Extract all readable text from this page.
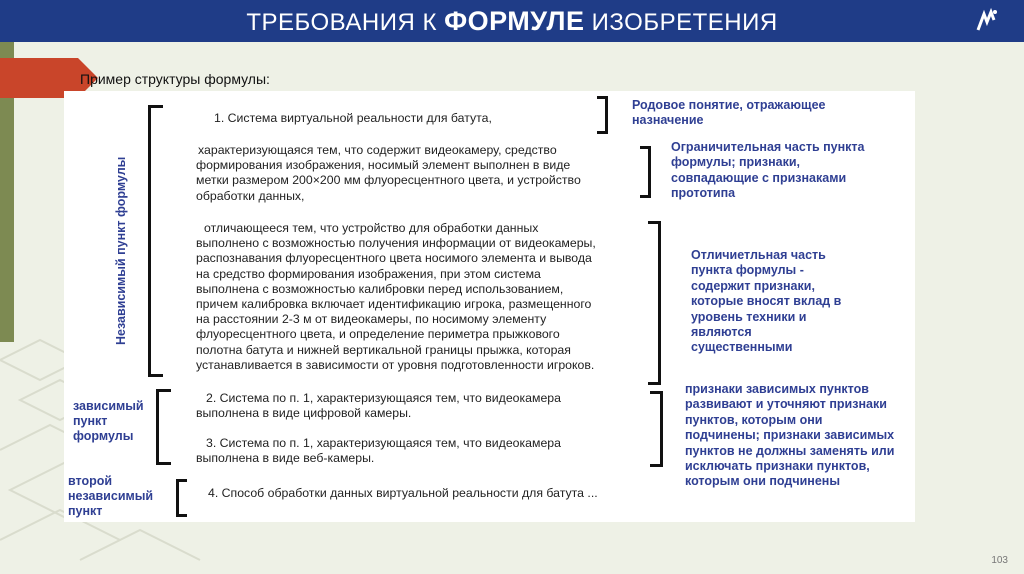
ТРЕБОВАНИЯ К ФОРМУЛЕ ИЗОБРЕТЕНИЯ
Пример структуры формулы:
1. Система виртуальной реальности для батута,

характеризующаяся тем, что содержит видеокамеру, средство

формирования изображения, носимый элемент выполнен в виде

метки размером 200×200 мм флуоресцентного цвета, и устройство

обработки данных,

отличающееся тем, что устройство для обработки данных

выполнено с возможностью получения информации от видеокамеры,

распознавания флуоресцентного цвета носимого элемента и вывода

на средство формирования изображения, при этом система

выполнена с возможностью калибровки перед использованием,

причем калибровка включает идентификацию игрока, размещенного

на расстоянии 2-3 м от видеокамеры, по носимому элементу

флуоресцентного цвета, и определение периметра прыжкового

полотна батута и нижней вертикальной границы прыжка, которая

устанавливается в зависимости от уровня подготовленности игроков.

2. Система по п. 1, характеризующаяся тем, что видеокамера

выполнена в виде цифровой камеры.

3. Система по п. 1, характеризующаяся тем, что видеокамера

выполнена в виде веб-камеры.

4. Способ обработки данных виртуальной реальности для батута ...
Независимый пункт формулы
зависимый
пункт
формулы
второй
независимый
пункт
Родовое понятие, отражающее
назначение
Ограничительная часть пункта
формулы; признаки,
совпадающие с признаками
прототипа
Отличиетльная часть
пункта формулы -
содержит признаки,
которые вносят вклад в
уровень техники и
являются
существенными
признаки зависимых пунктов
развивают и уточняют признаки
пунктов, которым они
подчинены; признаки зависимых
пунктов не должны заменять или
исключать признаки пунктов,
которым они подчинены
103
